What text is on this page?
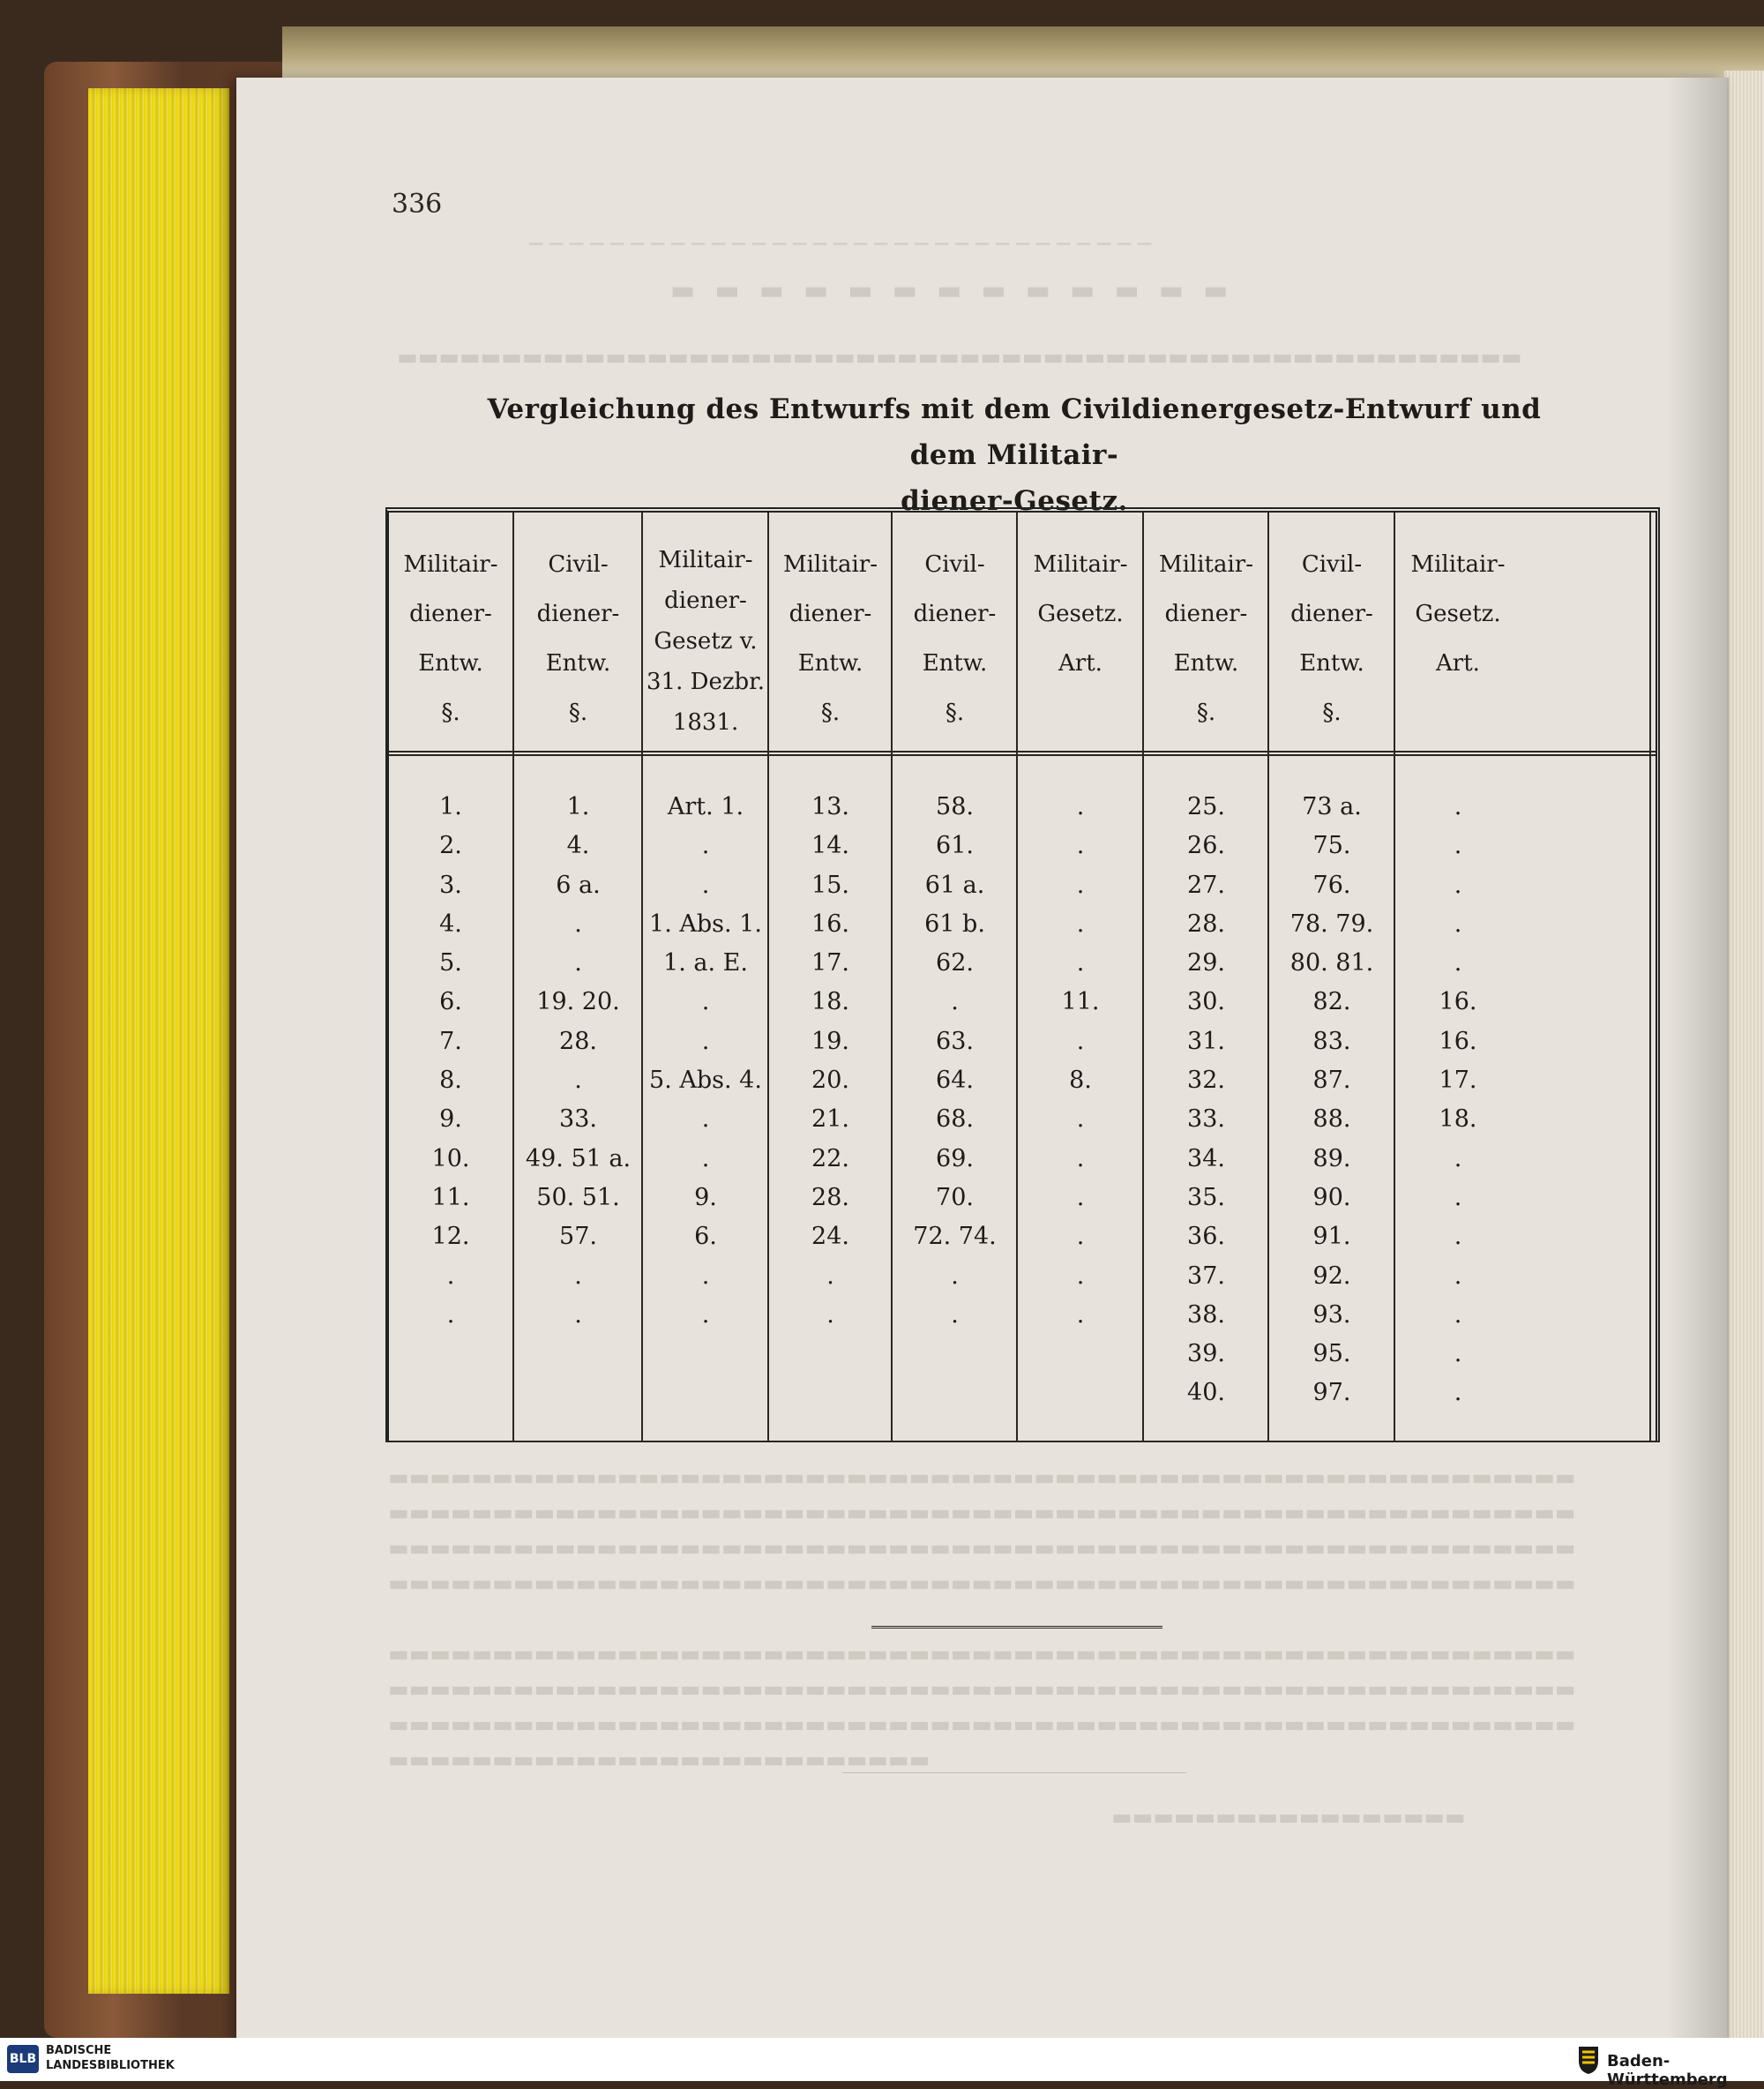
─ ─ ─ ─ ─ ─ ─ ─ ─ ─ ─ ─ ─ ─ ─ ─ ─ ─ ─ ─ ─ ─ ─ ─ ─ ─ ─ ─ ─ ─ ─
▬▬▬▬▬▬▬▬▬▬▬▬▬
▬▬▬▬▬▬▬▬▬▬▬▬▬▬▬▬▬▬▬▬▬▬▬▬▬▬▬▬▬▬▬▬▬▬▬▬▬▬▬▬▬▬▬▬▬▬▬▬▬▬▬▬▬▬
▬▬▬▬▬▬▬▬▬▬▬▬▬▬▬▬▬▬▬▬▬▬▬▬▬▬▬▬▬▬▬▬▬▬▬▬▬▬▬▬▬▬▬▬▬▬▬▬▬▬▬▬▬▬▬▬▬
▬▬▬▬▬▬▬▬▬▬▬▬▬▬▬▬▬▬▬▬▬▬▬▬▬▬▬▬▬▬▬▬▬▬▬▬▬▬▬▬▬▬▬▬▬▬▬▬▬▬▬▬▬▬▬▬▬
▬▬▬▬▬▬▬▬▬▬▬▬▬▬▬▬▬▬▬▬▬▬▬▬▬▬▬▬▬▬▬▬▬▬▬▬▬▬▬▬▬▬▬▬▬▬▬▬▬▬▬▬▬▬▬▬▬
▬▬▬▬▬▬▬▬▬▬▬▬▬▬▬▬▬▬▬▬▬▬▬▬▬▬▬▬▬▬▬▬▬▬▬▬▬▬▬▬▬▬▬▬▬▬▬▬▬▬▬▬▬▬▬▬▬
▬▬▬▬▬▬▬▬▬▬▬▬▬▬▬▬▬▬▬▬▬▬▬▬▬▬▬▬▬▬▬▬▬▬▬▬▬▬▬▬▬▬▬▬▬▬▬▬▬▬▬▬▬▬▬▬▬
▬▬▬▬▬▬▬▬▬▬▬▬▬▬▬▬▬▬▬▬▬▬▬▬▬▬▬▬▬▬▬▬▬▬▬▬▬▬▬▬▬▬▬▬▬▬▬▬▬▬▬▬▬▬▬▬▬
▬▬▬▬▬▬▬▬▬▬▬▬▬▬▬▬▬▬▬▬▬▬▬▬▬▬▬▬▬▬▬▬▬▬▬▬▬▬▬▬▬▬▬▬▬▬▬▬▬▬▬▬▬▬▬▬▬
▬▬▬▬▬▬▬▬▬▬▬▬▬▬▬▬▬▬▬▬▬▬▬▬▬▬
▬▬▬▬▬▬▬▬▬▬▬▬▬▬▬▬▬
336
Vergleichung des Entwurfs mit dem Civildienergesetz-Entwurf und dem Militair-
diener-Gesetz.
Militair-
diener-
Entw.
§.
Civil-
diener-
Entw.
§.
Militair-
diener-
Gesetz v.
31. Dezbr.
1831.
Militair-
diener-
Entw.
§.
Civil-
diener-
Entw.
§.
Militair-
Gesetz.
Art.
Militair-
diener-
Entw.
§.
Civil-
diener-
Entw.
§.
Militair-
Gesetz.
Art.
1.
2.
3.
4.
5.
6.
7.
8.
9.
10.
11.
12.
.
.
1.
4.
6 a.
.
.
19. 20.
28.
.
33.
49. 51 a.
50. 51.
57.
.
.
Art. 1.
.
.
1. Abs. 1.
1. a. E.
.
.
5. Abs. 4.
.
.
9.
6.
.
.
13.
14.
15.
16.
17.
18.
19.
20.
21.
22.
28.
24.
.
.
58.
61.
61 a.
61 b.
62.
.
63.
64.
68.
69.
70.
72. 74.
.
.
.
.
.
.
.
11.
.
8.
.
.
.
.
.
.
25.
26.
27.
28.
29.
30.
31.
32.
33.
34.
35.
36.
37.
38.
39.
40.
73 a.
75.
76.
78. 79.
80. 81.
82.
83.
87.
88.
89.
90.
91.
92.
93.
95.
97.
.
.
.
.
.
16.
16.
17.
18.
.
.
.
.
.
.
.
BLB
BADISCHE
LANDESBIBLIOTHEK	Baden-Württemberg
